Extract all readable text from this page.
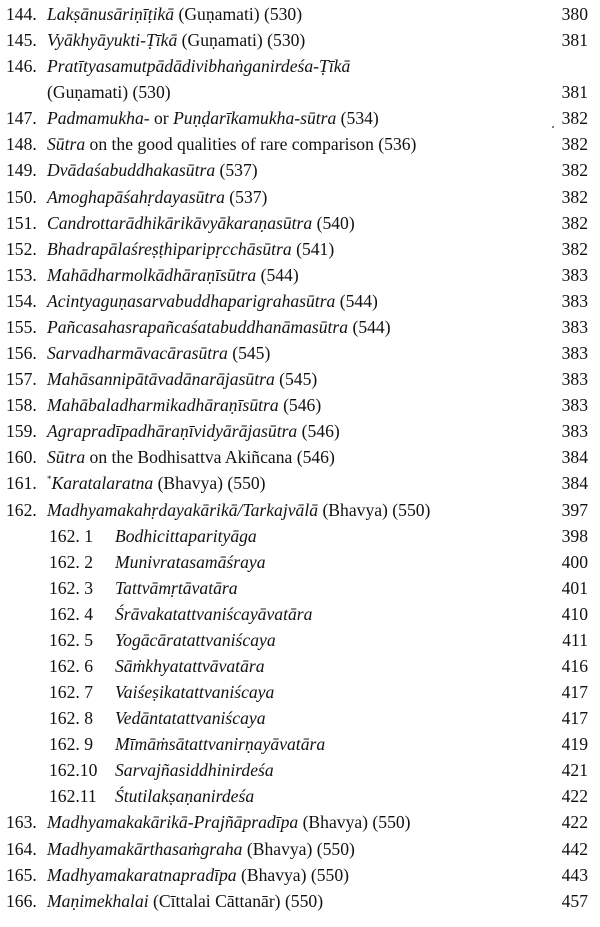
144. Lakṣānusāriṇīṭikā (Guṇamati) (530)	380
145. Vyākhyāyukti-Ṭīkā (Guṇamati) (530)	381
146. Pratītyasamutpādādivibhaṅganirdeśa-Ṭīkā
(Guṇamati) (530)	381
147. Padmamukha- or Puṇḍarīkamukha-sūtra (534)	382
148. Sūtra on the good qualities of rare comparison (536)	382
149. Dvādaśabuddhakasūtra (537)	382
150. Amoghapāśahṛdayasūtra (537)	382
151. Candrottarādhikārikāvyākaraṇasūtra (540)	382
152. Bhadrapālaśreṣṭhiparipṛcchāsūtra (541)	382
153. Mahādharmolkādhāraṇīsūtra (544)	383
154. Acintyaguṇasarvabuddhaparigrahasūtra (544)	383
155. Pañcasahasrapañcaśatabuddhanāmasūtra (544)	383
156. Sarvadharmāvacārasūtra (545)	383
157. Mahāsannipātāvadānarājasūtra (545)	383
158. Mahābaladharmikadhāraṇīsūtra (546)	383
159. Agrapradīpadhāraṇīvidyārājasūtra (546)	383
160. Sūtra on the Bodhisattva Akiñcana (546)	384
161. *Karatalaratna (Bhavya) (550)	384
162. Madhyamakahṛdayakārikā/Tarkajvālā (Bhavya) (550)	397
162. 1 Bodhicittaparityāga	398
162. 2 Munivratasamāśraya	400
162. 3 Tattvāmṛtāvatāra	401
162. 4 Śrāvakatattvaniścayāvatāra	410
162. 5 Yogācāratattvaniścaya	411
162. 6 Sāṁkhyatattvāvatāra	416
162. 7 Vaiśeṣikatattvaniścaya	417
162. 8 Vedāntatattvaniścaya	417
162. 9 Mīmāṁsātattvanirṇayāvatāra	419
162.10 Sarvajñasiddhinirdeśa	421
162.11 Śtutilakṣaṇanirdeśa	422
163. Madhyamakakārikā-Prajñāpradīpa (Bhavya) (550)	422
164. Madhyamakārthasaṁgraha (Bhavya) (550)	442
165. Madhyamakaratnapradīpa (Bhavya) (550)	443
166. Maṇimekhalai (Cīttalai Cāttanār) (550)	457
